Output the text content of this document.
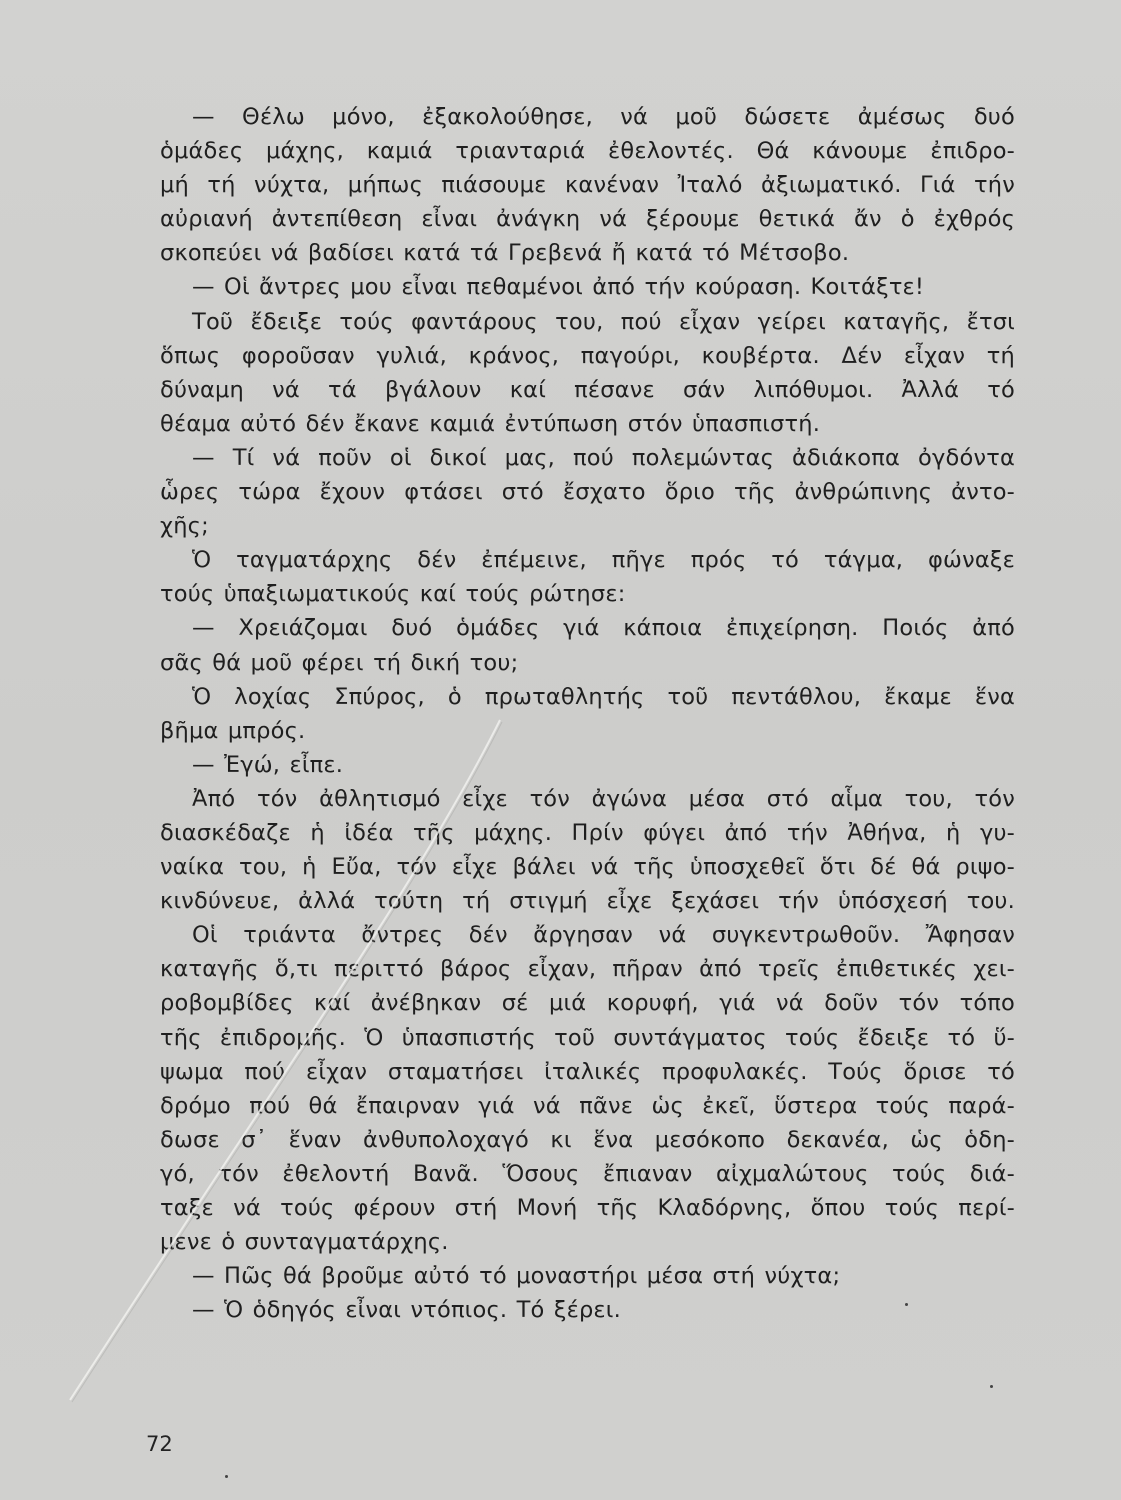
— Θέλω μόνο, ἐξακολούθησε, νά μοῦ δώσετε ἀμέσως δυό
ὁμάδες μάχης, καμιά τριανταριά ἐθελοντές. Θά κάνουμε ἐπιδρο-
μή τή νύχτα, μήπως πιάσουμε κανέναν Ἰταλό ἀξιωματικό. Γιά τήν
αὐριανή ἀντεπίθεση εἶναι ἀνάγκη νά ξέρουμε θετικά ἄν ὁ ἐχθρός
σκοπεύει νά βαδίσει κατά τά Γρεβενά ἤ κατά τό Μέτσοβο.
— Οἱ ἄντρες μου εἶναι πεθαμένοι ἀπό τήν κούραση. Κοιτάξτε!
Τοῦ ἔδειξε τούς φαντάρους του, πού εἶχαν γείρει καταγῆς, ἔτσι
ὅπως φοροῦσαν γυλιά, κράνος, παγούρι, κουβέρτα. Δέν εἶχαν τή
δύναμη νά τά βγάλουν καί πέσανε σάν λιπόθυμοι. Ἀλλά τό
θέαμα αὐτό δέν ἔκανε καμιά ἐντύπωση στόν ὑπασπιστή.
— Τί νά ποῦν οἱ δικοί μας, πού πολεμώντας ἀδιάκοπα ὀγδόντα
ὧρες τώρα ἔχουν φτάσει στό ἔσχατο ὅριο τῆς ἀνθρώπινης ἀντο-
χῆς;
Ὁ ταγματάρχης δέν ἐπέμεινε, πῆγε πρός τό τάγμα, φώναξε
τούς ὑπαξιωματικούς καί τούς ρώτησε:
— Χρειάζομαι δυό ὁμάδες γιά κάποια ἐπιχείρηση. Ποιός ἀπό
σᾶς θά μοῦ φέρει τή δική του;
Ὁ λοχίας Σπύρος, ὁ πρωταθλητής τοῦ πεντάθλου, ἔκαμε ἕνα
βῆμα μπρός.
— Ἐγώ, εἶπε.
Ἀπό τόν ἀθλητισμό εἶχε τόν ἀγώνα μέσα στό αἷμα του, τόν
διασκέδαζε ἡ ἰδέα τῆς μάχης. Πρίν φύγει ἀπό τήν Ἀθήνα, ἡ γυ-
ναίκα του, ἡ Εὔα, τόν εἶχε βάλει νά τῆς ὑποσχεθεῖ ὅτι δέ θά ριψο-
κινδύνευε, ἀλλά τούτη τή στιγμή εἶχε ξεχάσει τήν ὑπόσχεσή του.
Οἱ τριάντα ἄντρες δέν ἄργησαν νά συγκεντρωθοῦν. Ἄφησαν
καταγῆς ὅ,τι περιττό βάρος εἶχαν, πῆραν ἀπό τρεῖς ἐπιθετικές χει-
ροβομβίδες καί ἀνέβηκαν σέ μιά κορυφή, γιά νά δοῦν τόν τόπο
τῆς ἐπιδρομῆς. Ὁ ὑπασπιστής τοῦ συντάγματος τούς ἔδειξε τό ὕ-
ψωμα πού εἶχαν σταματήσει ἰταλικές προφυλακές. Τούς ὅρισε τό
δρόμο πού θά ἔπαιρναν γιά νά πᾶνε ὡς ἐκεῖ, ὕστερα τούς παρά-
δωσε σ᾽ ἕναν ἀνθυπολοχαγό κι ἕνα μεσόκοπο δεκανέα, ὡς ὁδη-
γό, τόν ἐθελοντή Βανᾶ. Ὅσους ἔπιαναν αἰχμαλώτους τούς διά-
ταξε νά τούς φέρουν στή Μονή τῆς Κλαδόρνης, ὅπου τούς περί-
μενε ὁ συνταγματάρχης.
— Πῶς θά βροῦμε αὐτό τό μοναστήρι μέσα στή νύχτα;
— Ὁ ὁδηγός εἶναι ντόπιος. Τό ξέρει.
72
